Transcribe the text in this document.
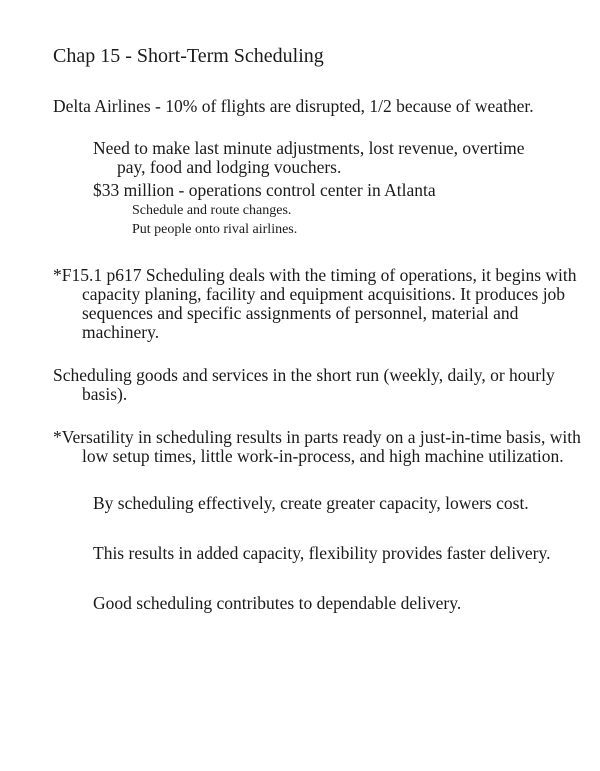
Chap 15 - Short-Term Scheduling
Delta Airlines - 10% of flights are disrupted, 1/2 because of weather.
Need to make last minute adjustments, lost revenue, overtime pay, food and lodging vouchers.
$33 million - operations control center in Atlanta
Schedule and route changes.
Put people onto rival airlines.
*F15.1 p617 Scheduling deals with the timing of operations, it begins with capacity planing, facility and equipment acquisitions. It produces job sequences and specific assignments of personnel, material and machinery.
Scheduling goods and services in the short run (weekly, daily, or hourly basis).
*Versatility in scheduling results in parts ready on a just-in-time basis, with low setup times, little work-in-process, and high machine utilization.
By scheduling effectively, create greater capacity, lowers cost.
This results in added capacity, flexibility provides faster delivery.
Good scheduling contributes to dependable delivery.
